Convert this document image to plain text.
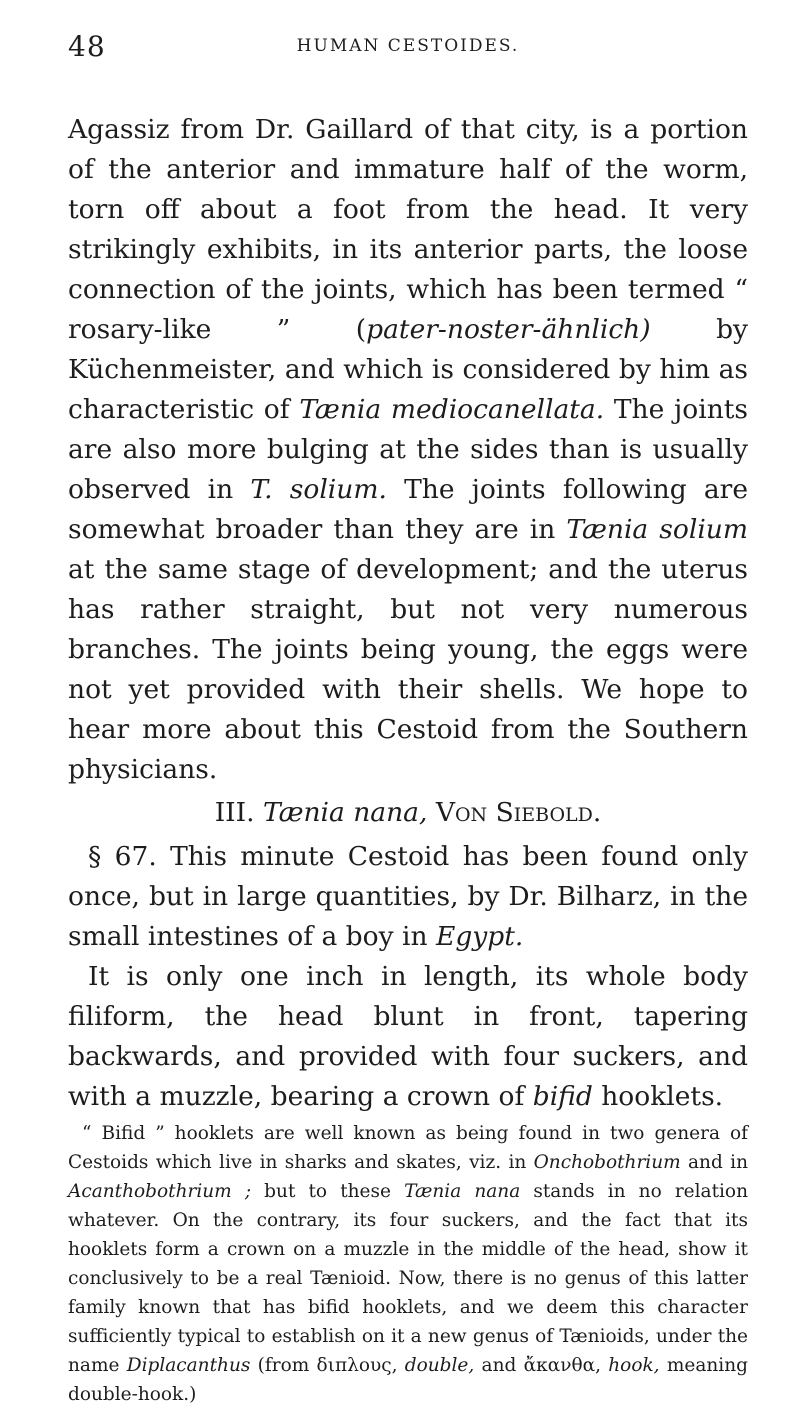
48	HUMAN CESTOIDES.

Agassiz from Dr. Gaillard of that city, is a portion of the anterior and immature half of the worm, torn off about a foot from the head. It very strikingly exhibits, in its anterior parts, the loose connection of the joints, which has been termed “ rosary-like ” (pater-noster-ähnlich) by Küchenmeister, and which is considered by him as characteristic of Tænia mediocanellata. The joints are also more bulging at the sides than is usually observed in T. solium. The joints following are somewhat broader than they are in Tænia solium at the same stage of development; and the uterus has rather straight, but not very numerous branches. The joints being young, the eggs were not yet provided with their shells. We hope to hear more about this Cestoid from the Southern physicians.

III. Tænia nana, Von Siebold.

§ 67. This minute Cestoid has been found only once, but in large quantities, by Dr. Bilharz, in the small intestines of a boy in Egypt.

It is only one inch in length, its whole body filiform, the head blunt in front, tapering backwards, and provided with four suckers, and with a muzzle, bearing a crown of bifid hooklets.

“ Bifid ” hooklets are well known as being found in two genera of Cestoids which live in sharks and skates, viz. in Onchobothrium and in Acanthobothrium ; but to these Tænia nana stands in no relation whatever. On the contrary, its four suckers, and the fact that its hooklets form a crown on a muzzle in the middle of the head, show it conclusively to be a real Tænioid. Now, there is no genus of this latter family known that has bifid hooklets, and we deem this character sufficiently typical to establish on it a new genus of Tænioids, under the name Diplacanthus (from διπλους, double, and ἄκανθα, hook, meaning double-hook.)
